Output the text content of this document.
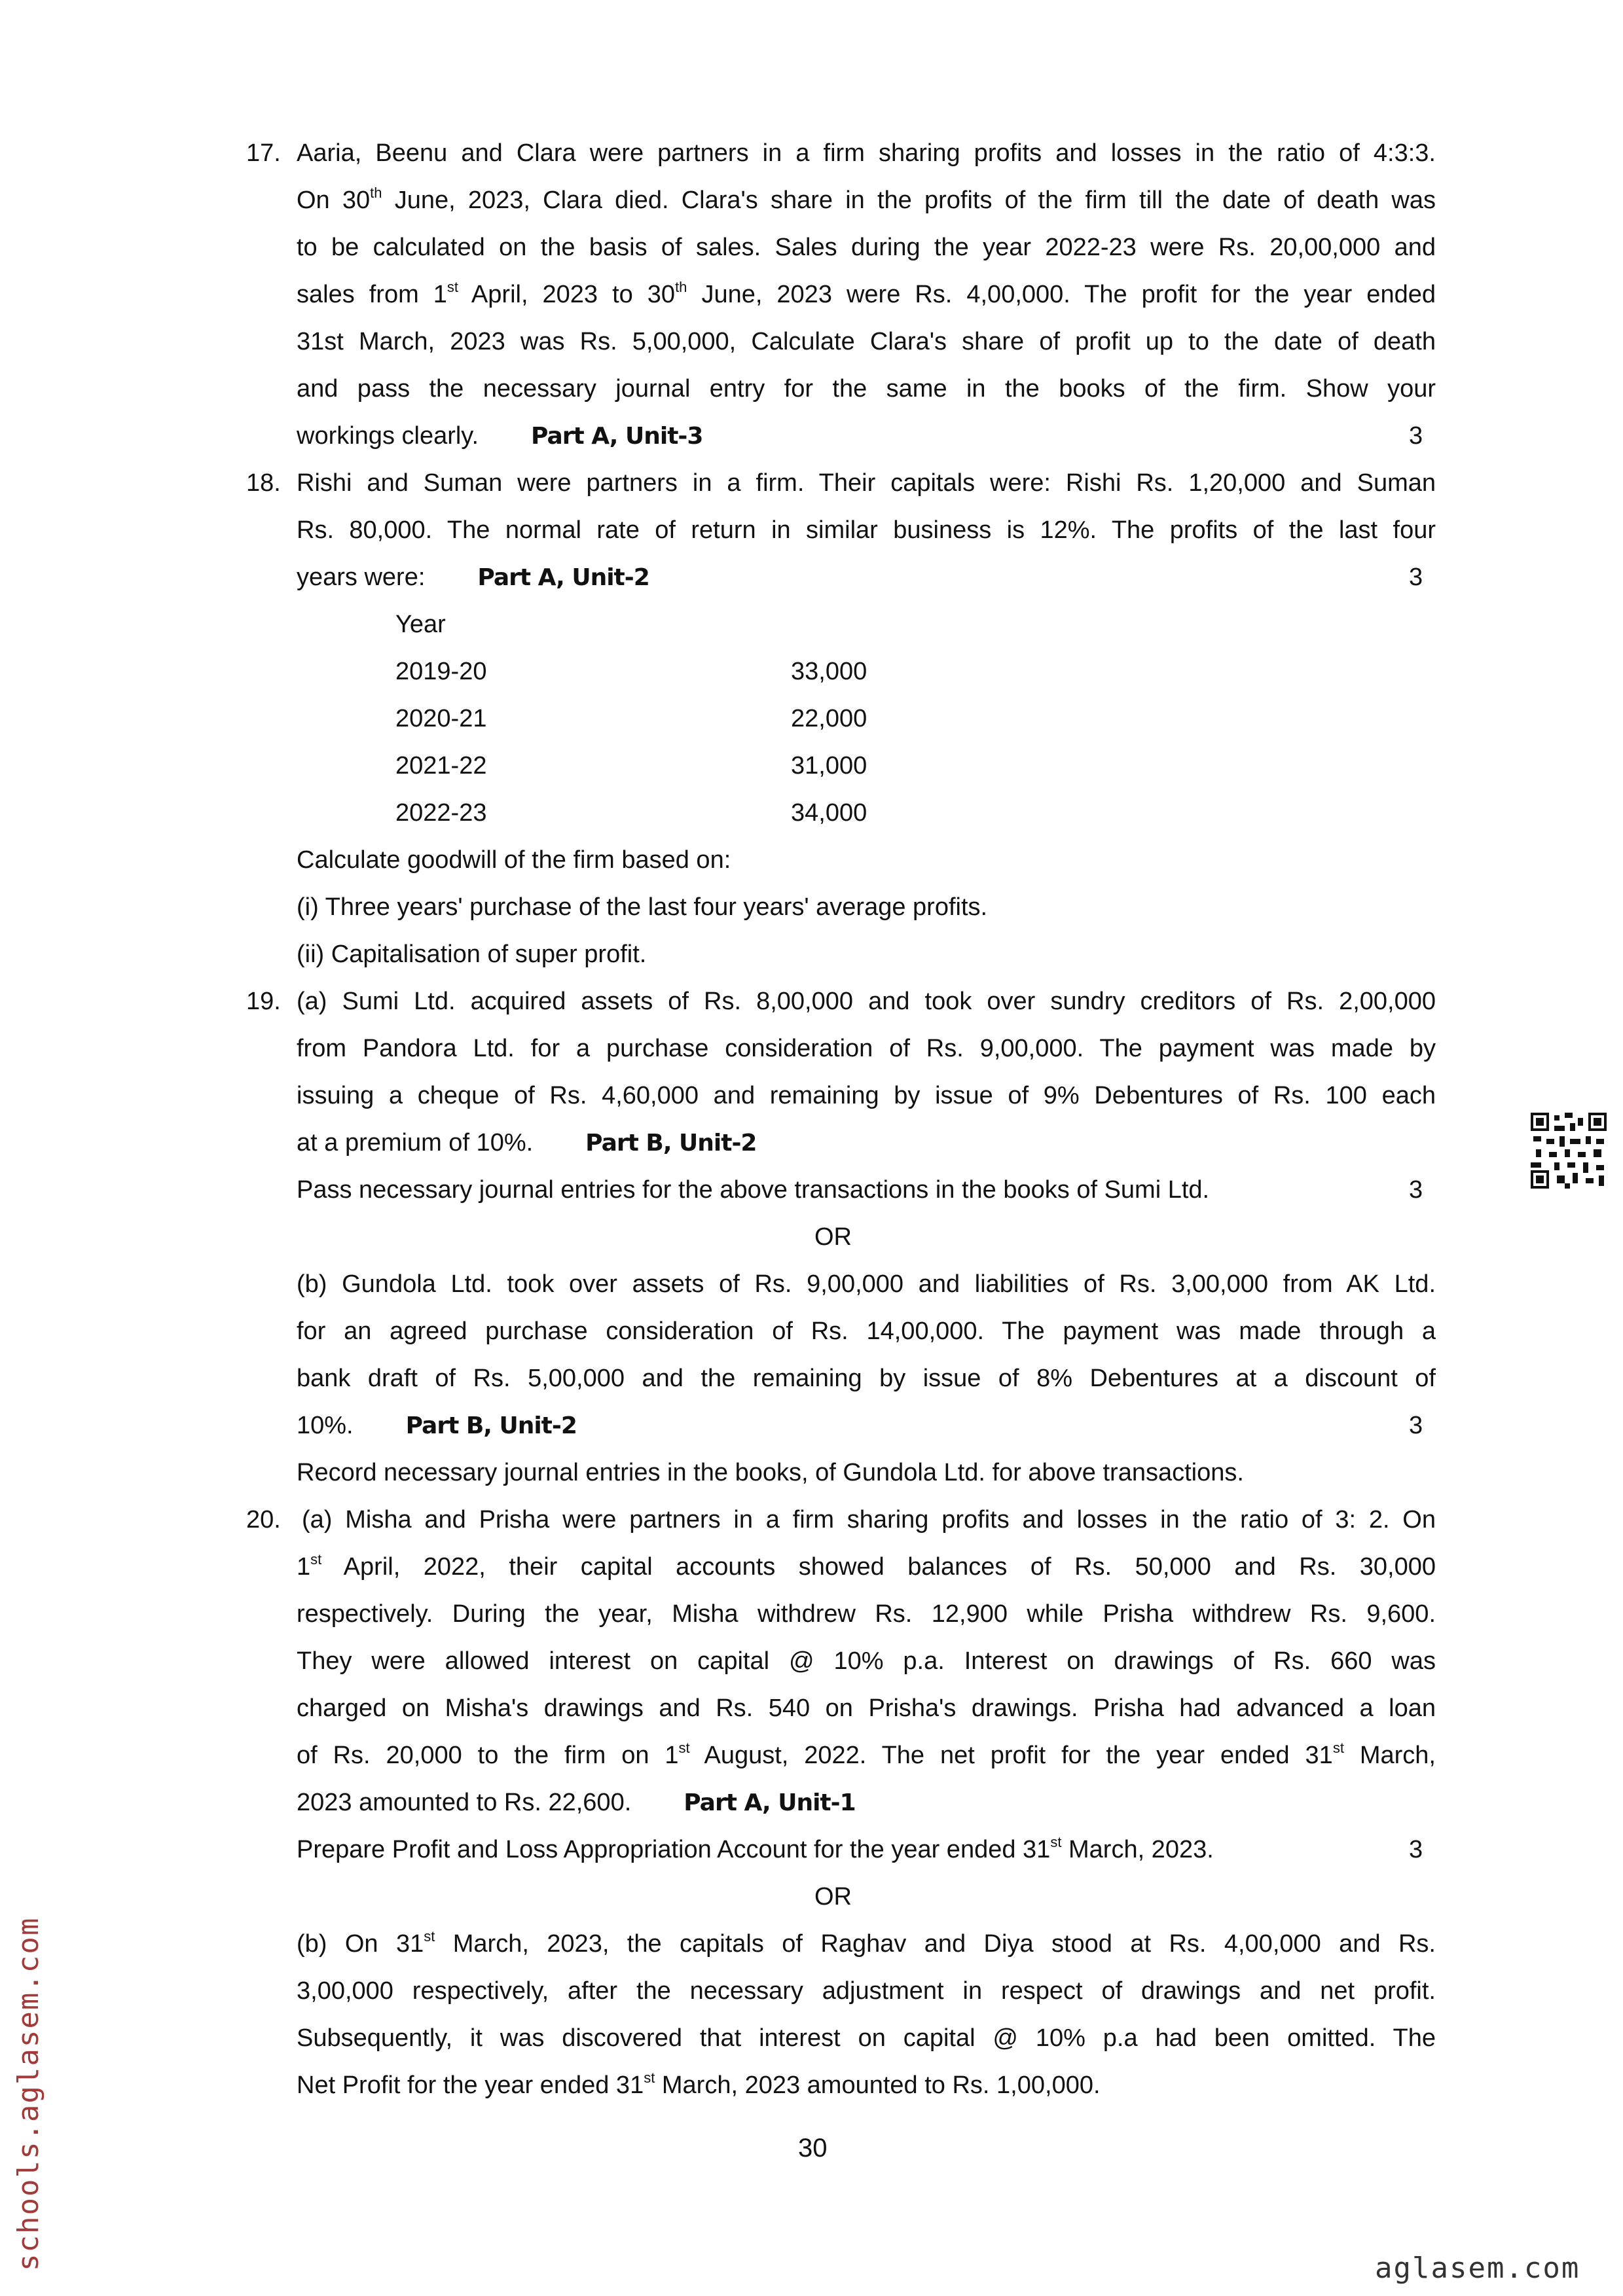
17. Aaria, Beenu and Clara were partners in a firm sharing profits and losses in the ratio of 4:3:3.
On 30th June, 2023, Clara died. Clara's share in the profits of the firm till the date of death was
to be calculated on the basis of sales. Sales during the year 2022-23 were Rs. 20,00,000 and
sales from 1st April, 2023 to 30th June, 2023 were Rs. 4,00,000. The profit for the year ended
31st March, 2023 was Rs. 5,00,000, Calculate Clara's share of profit up to the date of death
and pass the necessary journal entry for the same in the books of the firm. Show your
workings clearly. Part A, Unit-3	3
18. Rishi and Suman were partners in a firm. Their capitals were: Rishi Rs. 1,20,000 and Suman
Rs. 80,000. The normal rate of return in similar business is 12%. The profits of the last four
years were: Part A, Unit-2	3
Year
2019-20	33,000
2020-21	22,000
2021-22	31,000
2022-23	34,000
Calculate goodwill of the firm based on:
(i) Three years' purchase of the last four years' average profits.
(ii) Capitalisation of super profit.
19. (a) Sumi Ltd. acquired assets of Rs. 8,00,000 and took over sundry creditors of Rs. 2,00,000
from Pandora Ltd. for a purchase consideration of Rs. 9,00,000. The payment was made by
issuing a cheque of Rs. 4,60,000 and remaining by issue of 9% Debentures of Rs. 100 each
at a premium of 10%. Part B, Unit-2
Pass necessary journal entries for the above transactions in the books of Sumi Ltd.	3
OR
(b) Gundola Ltd. took over assets of Rs. 9,00,000 and liabilities of Rs. 3,00,000 from AK Ltd.
for an agreed purchase consideration of Rs. 14,00,000. The payment was made through a
bank draft of Rs. 5,00,000 and the remaining by issue of 8% Debentures at a discount of
10%. Part B, Unit-2	3
Record necessary journal entries in the books, of Gundola Ltd. for above transactions.
20. (a) Misha and Prisha were partners in a firm sharing profits and losses in the ratio of 3: 2. On
1st April, 2022, their capital accounts showed balances of Rs. 50,000 and Rs. 30,000
respectively. During the year, Misha withdrew Rs. 12,900 while Prisha withdrew Rs. 9,600.
They were allowed interest on capital @ 10% p.a. Interest on drawings of Rs. 660 was
charged on Misha's drawings and Rs. 540 on Prisha's drawings. Prisha had advanced a loan
of Rs. 20,000 to the firm on 1st August, 2022. The net profit for the year ended 31st March,
2023 amounted to Rs. 22,600. Part A, Unit-1
Prepare Profit and Loss Appropriation Account for the year ended 31st March, 2023.	3
OR
(b) On 31st March, 2023, the capitals of Raghav and Diya stood at Rs. 4,00,000 and Rs.
3,00,000 respectively, after the necessary adjustment in respect of drawings and net profit.
Subsequently, it was discovered that interest on capital @ 10% p.a had been omitted. The
Net Profit for the year ended 31st March, 2023 amounted to Rs. 1,00,000.
30
aglasem.com
schools.aglasem.com
